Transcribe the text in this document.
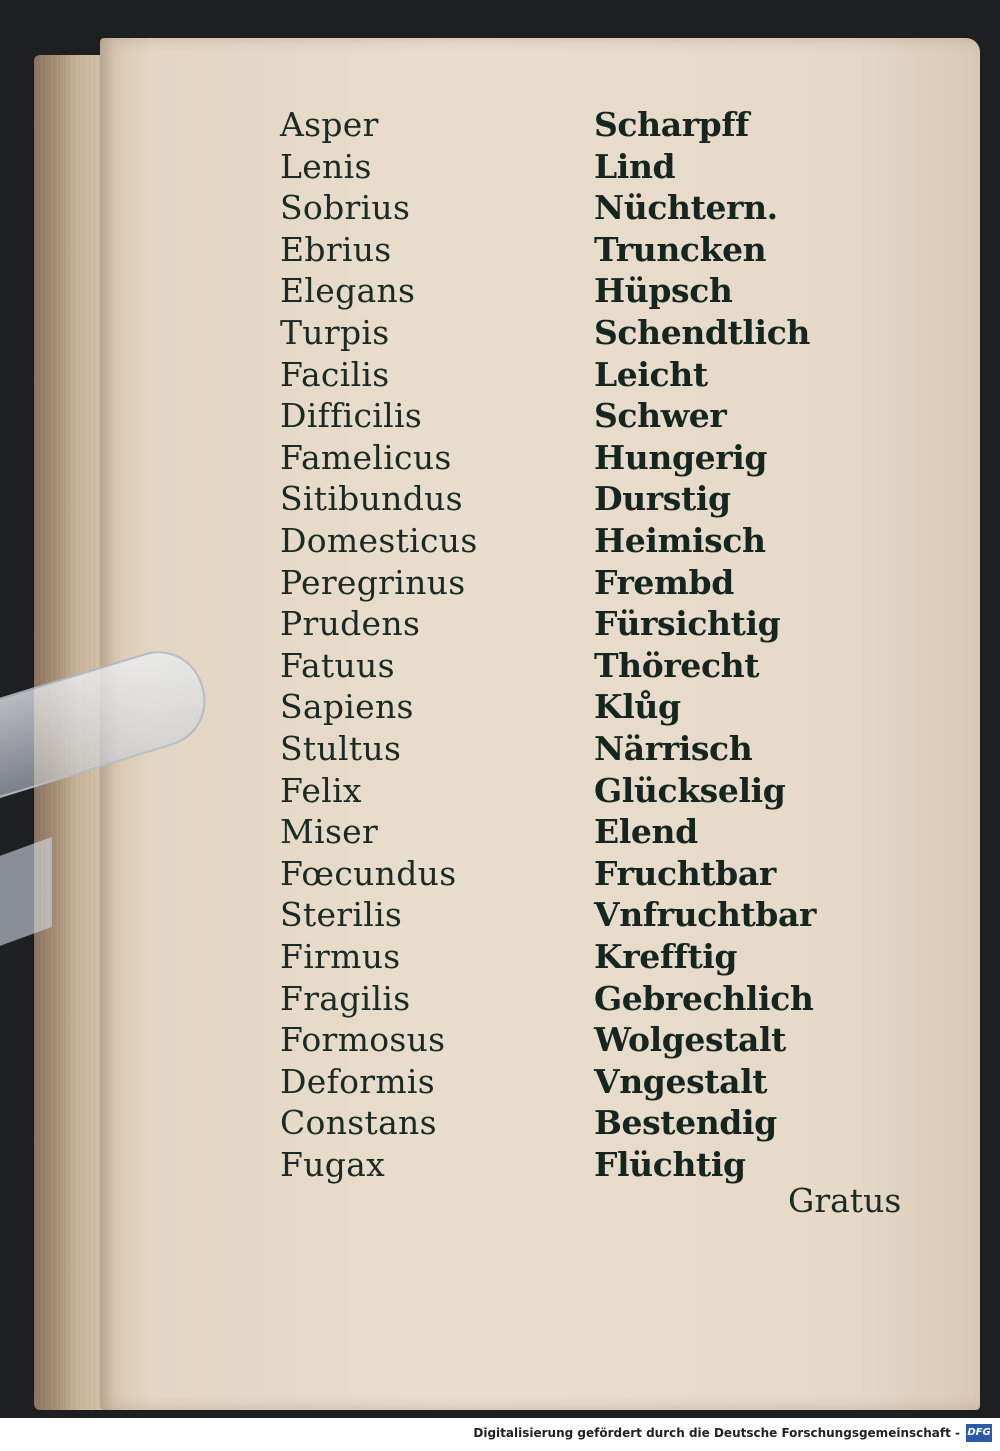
Asper	Scharpff
Lenis	Lind
Sobrius	Nüchtern.
Ebrius	Truncken
Elegans	Hüpsch
Turpis	Schendtlich
Facilis	Leicht
Difficilis	Schwer
Famelicus	Hungerig
Sitibundus	Durstig
Domesticus	Heimisch
Peregrinus	Frembd
Prudens	Fürsichtig
Fatuus	Thörecht
Sapiens	Klůg
Stultus	Närrisch
Felix	Glückselig
Miser	Elend
Fœcundus	Fruchtbar
Sterilis	Vnfruchtbar
Firmus	Krefftig
Fragilis	Gebrechlich
Formosus	Wolgestalt
Deformis	Vngestalt
Constans	Bestendig
Fugax	Flüchtig
Gratus
Digitalisierung gefördert durch die Deutsche Forschungsgemeinschaft - DFG
